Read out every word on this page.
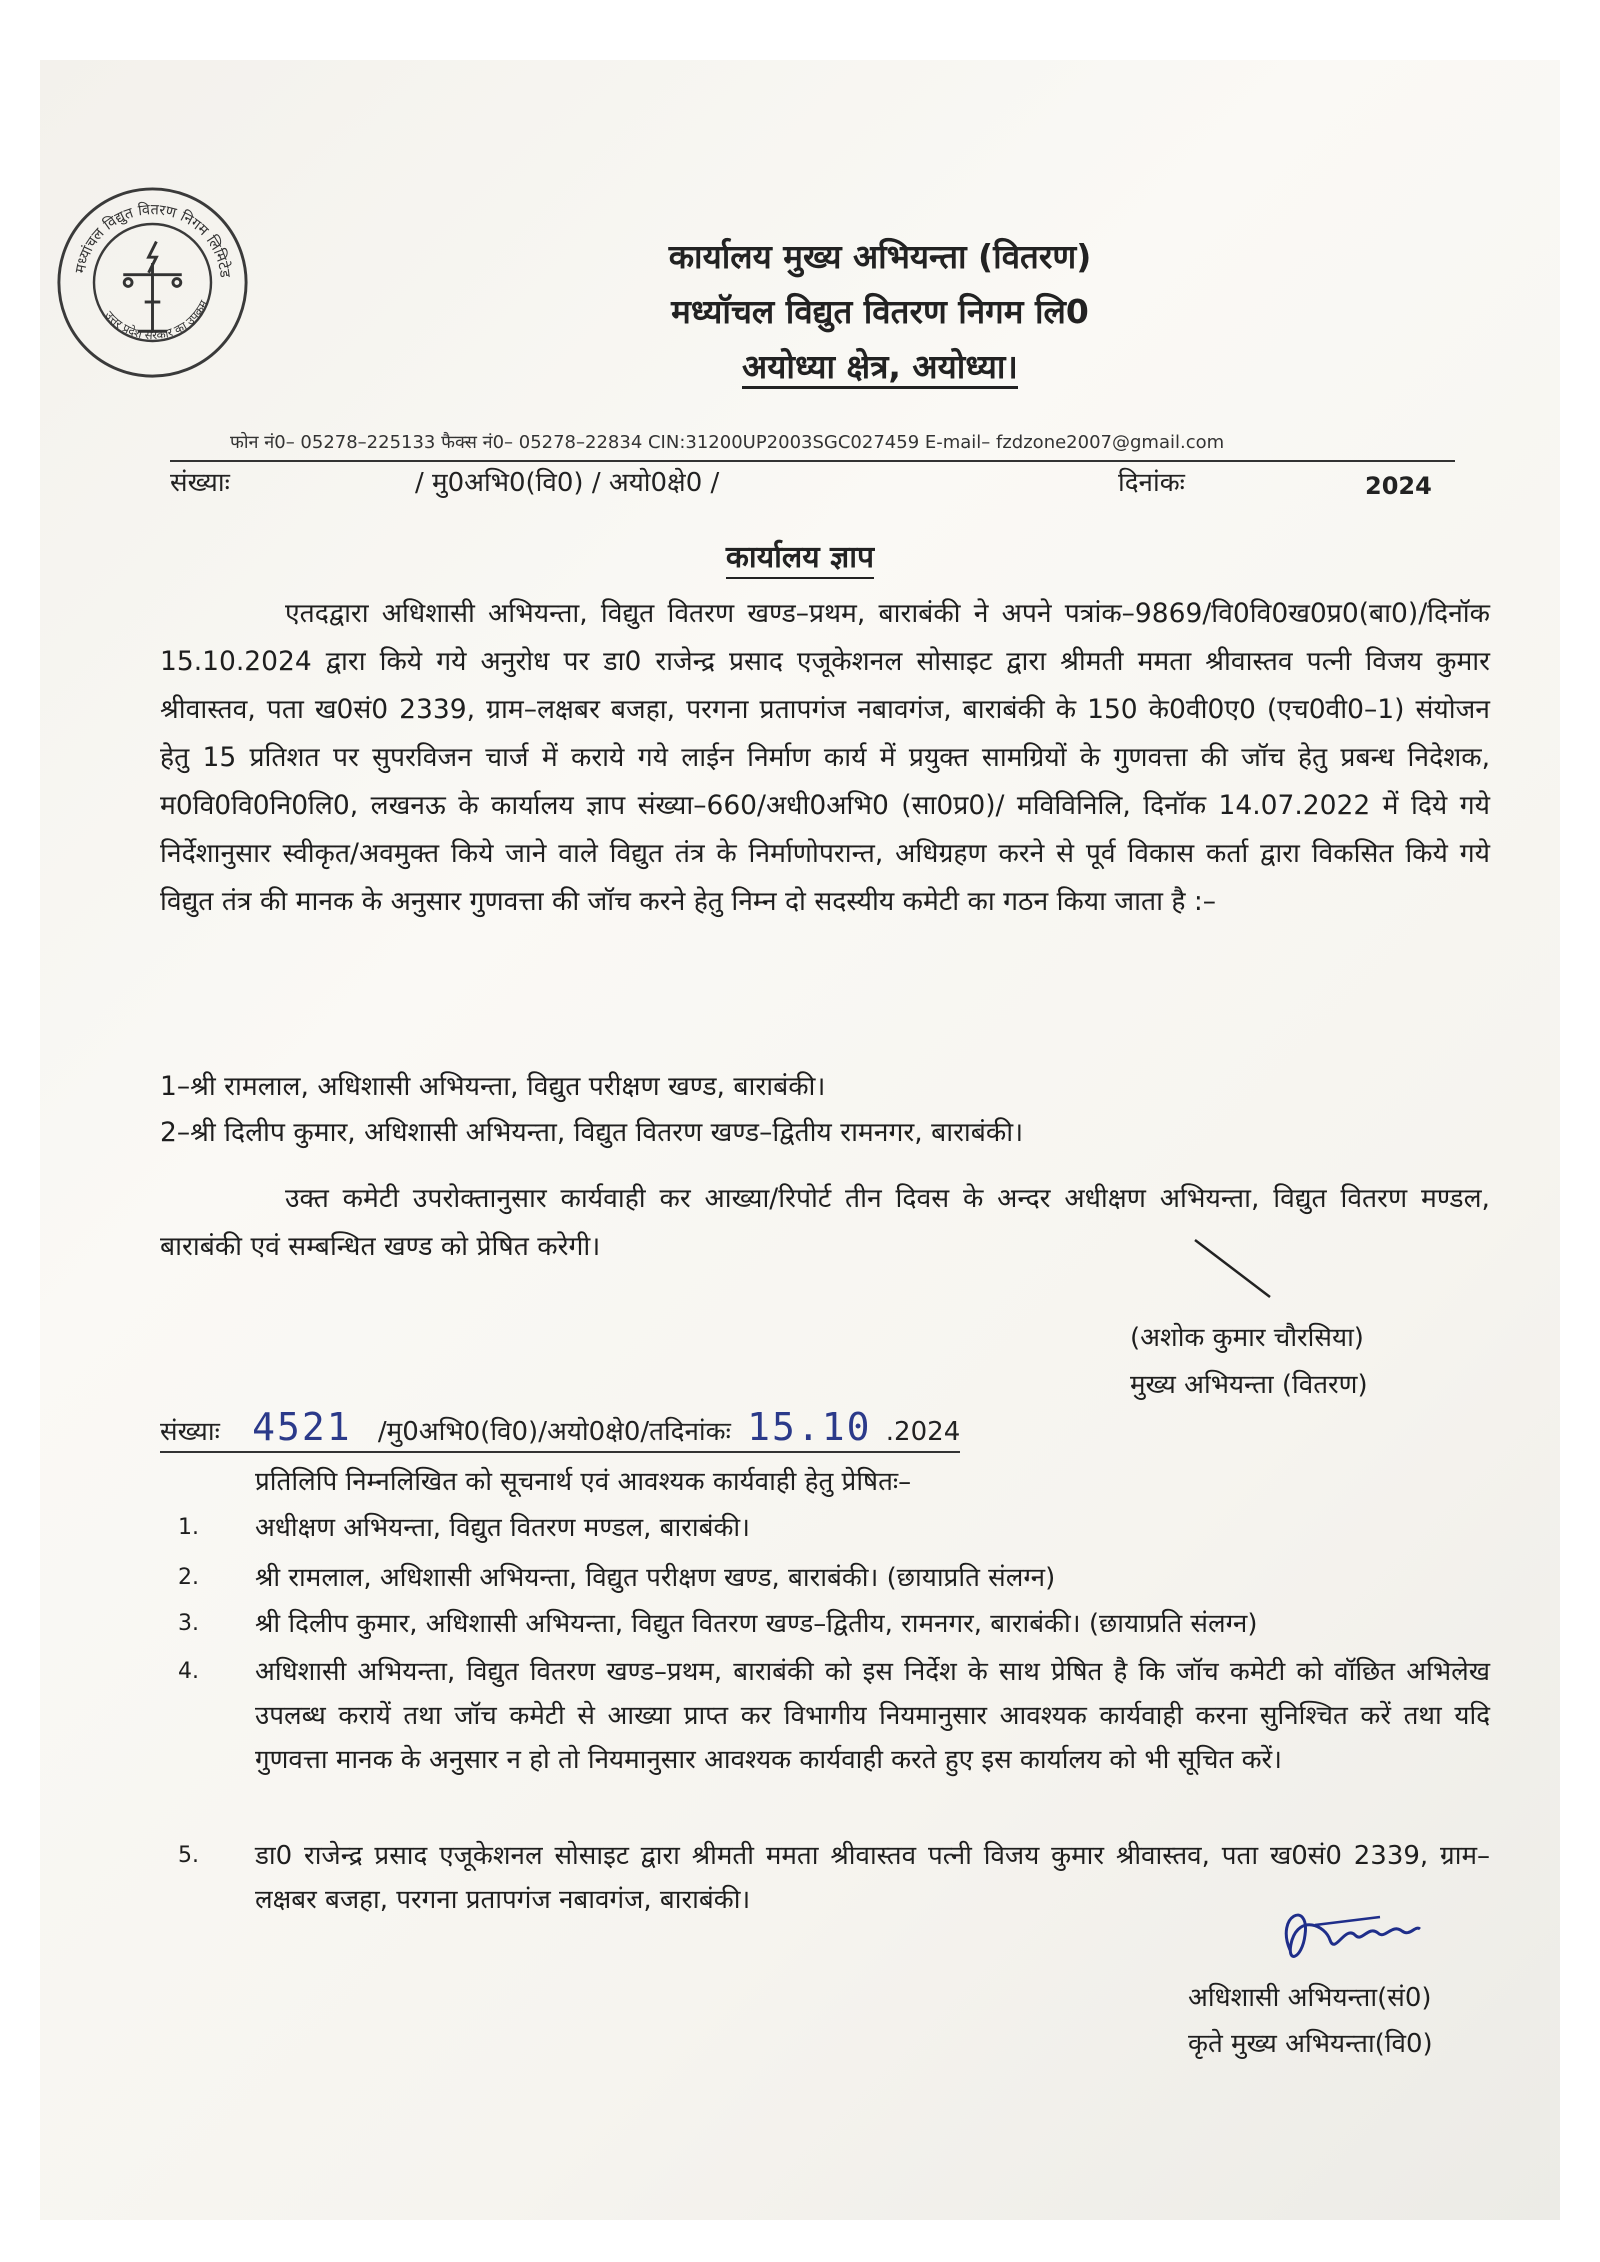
मध्यांचल विद्युत वितरण निगम लिमिटेड
उत्तर प्रदेश सरकार का उपक्रम
कार्यालय मुख्य अभियन्ता (वितरण)
मध्यॉचल विद्युत वितरण निगम लि0
अयोध्या क्षेत्र, अयोध्या।
फोन नं0– 05278–225133 फैक्स नं0– 05278–22834 CIN:31200UP2003SGC027459 E-mail– fzdzone2007@gmail.com
संख्याः	/ मु0अभि0(वि0) / अयो0क्षे0 /	दिनांकः	2024
कार्यालय ज्ञाप
एतदद्वारा अधिशासी अभियन्ता, विद्युत वितरण खण्ड–प्रथम, बाराबंकी ने अपने पत्रांक–9869/वि0वि0ख0प्र0(बा0)/दिनॉक 15.10.2024 द्वारा किये गये अनुरोध पर डा0 राजेन्द्र प्रसाद एजूकेशनल सोसाइट द्वारा श्रीमती ममता श्रीवास्तव पत्नी विजय कुमार श्रीवास्तव, पता ख0सं0 2339, ग्राम–लक्षबर बजहा, परगना प्रतापगंज नबावगंज, बाराबंकी के 150 के0वी0ए0 (एच0वी0–1) संयोजन हेतु 15 प्रतिशत पर सुपरविजन चार्ज में कराये गये लाईन निर्माण कार्य में प्रयुक्त सामग्रियों के गुणवत्ता की जॉच हेतु प्रबन्ध निदेशक, म0वि0वि0नि0लि0, लखनऊ के कार्यालय ज्ञाप संख्या–660/अधी0अभि0 (सा0प्र0)/ मविविनिलि, दिनॉक 14.07.2022 में दिये गये निर्देशानुसार स्वीकृत/अवमुक्त किये जाने वाले विद्युत तंत्र के निर्माणोपरान्त, अधिग्रहण करने से पूर्व विकास कर्ता द्वारा विकसित किये गये विद्युत तंत्र की मानक के अनुसार गुणवत्ता की जॉच करने हेतु निम्न दो सदस्यीय कमेटी का गठन किया जाता है :–
1–श्री रामलाल, अधिशासी अभियन्ता, विद्युत परीक्षण खण्ड, बाराबंकी।
2–श्री दिलीप कुमार, अधिशासी अभियन्ता, विद्युत वितरण खण्ड–द्वितीय रामनगर, बाराबंकी।
उक्त कमेटी उपरोक्तानुसार कार्यवाही कर आख्या/रिपोर्ट तीन दिवस के अन्दर अधीक्षण अभियन्ता, विद्युत वितरण मण्डल, बाराबंकी एवं सम्बन्धित खण्ड को प्रेषित करेगी।
(अशोक कुमार चौरसिया)
मुख्य अभियन्ता (वितरण)
संख्याः 4521 /मु0अभि0(वि0)/अयो0क्षे0/तदिनांकः 15.10 .2024
प्रतिलिपि निम्नलिखित को सूचनार्थ एवं आवश्यक कार्यवाही हेतु प्रेषितः–
1. अधीक्षण अभियन्ता, विद्युत वितरण मण्डल, बाराबंकी।
2. श्री रामलाल, अधिशासी अभियन्ता, विद्युत परीक्षण खण्ड, बाराबंकी। (छायाप्रति संलग्न)
3. श्री दिलीप कुमार, अधिशासी अभियन्ता, विद्युत वितरण खण्ड–द्वितीय, रामनगर, बाराबंकी। (छायाप्रति संलग्न)
4. अधिशासी अभियन्ता, विद्युत वितरण खण्ड–प्रथम, बाराबंकी को इस निर्देश के साथ प्रेषित है कि जॉच कमेटी को वॉछित अभिलेख उपलब्ध करायें तथा जॉच कमेटी से आख्या प्राप्त कर विभागीय नियमानुसार आवश्यक कार्यवाही करना सुनिश्चित करें तथा यदि गुणवत्ता मानक के अनुसार न हो तो नियमानुसार आवश्यक कार्यवाही करते हुए इस कार्यालय को भी सूचित करें।
5. डा0 राजेन्द्र प्रसाद एजूकेशनल सोसाइट द्वारा श्रीमती ममता श्रीवास्तव पत्नी विजय कुमार श्रीवास्तव, पता ख0सं0 2339, ग्राम–लक्षबर बजहा, परगना प्रतापगंज नबावगंज, बाराबंकी।
अधिशासी अभियन्ता(सं0)
कृते मुख्य अभियन्ता(वि0)
